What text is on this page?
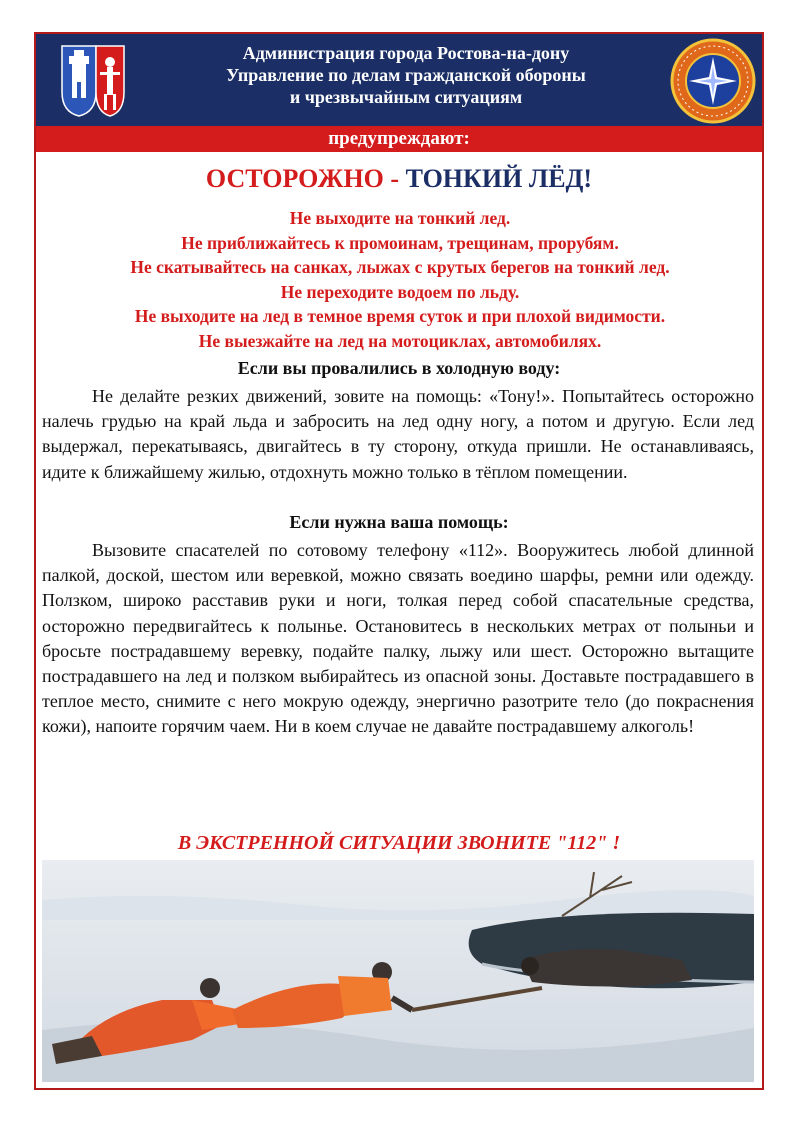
Администрация города Ростова-на-дону
Управление по делам гражданской обороны
и чрезвычайным ситуациям
предупреждают:
ОСТОРОЖНО - ТОНКИЙ ЛЁД!
Не выходите на тонкий лед.
Не приближайтесь к промоинам, трещинам, прорубям.
Не скатывайтесь на санках, лыжах с крутых берегов на тонкий лед.
Не переходите водоем по льду.
Не выходите на лед в темное время суток и при плохой видимости.
Не выезжайте на лед на мотоциклах, автомобилях.
Если вы провалились в холодную воду:

Не делайте резких движений, зовите на помощь: «Тону!». Попытайтесь осторожно налечь грудью на край льда и забросить на лед одну ногу, а потом и другую. Если лед выдержал, перекатываясь, двигайтесь в ту сторону, откуда пришли. Не останавливаясь, идите к ближайшему жилью, отдохнуть можно только в тёплом помещении.

Если нужна ваша помощь:

Вызовите спасателей по сотовому телефону «112». Вооружитесь любой длинной палкой, доской, шестом или веревкой, можно связать воедино шарфы, ремни или одежду. Ползком, широко расставив руки и ноги, толкая перед собой спасательные средства, осторожно передвигайтесь к полынье. Остановитесь в нескольких метрах от полыньи и бросьте пострадавшему веревку, подайте палку, лыжу или шест. Осторожно вытащите пострадавшего на лед и ползком выбирайтесь из опасной зоны. Доставьте пострадавшего в теплое место, снимите с него мокрую одежду, энергично разотрите тело (до покраснения кожи), напоите горячим чаем. Ни в коем случае не давайте пострадавшему алкоголь!

В ЭКСТРЕННОЙ СИТУАЦИИ ЗВОНИТЕ "112" !
